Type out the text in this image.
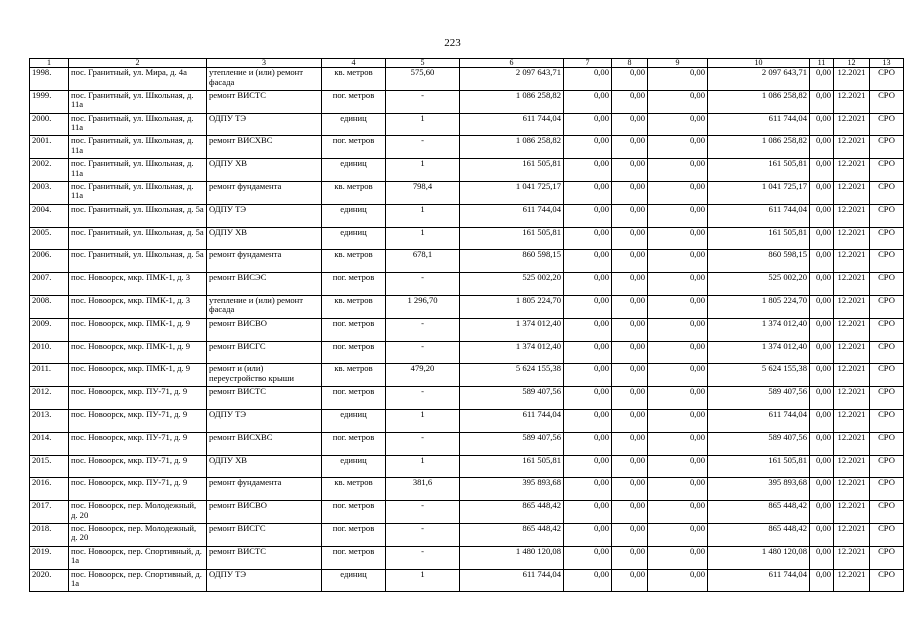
223
1	2	3	4	5	6	7	8	9	10	11	12	13
1998.	пос. Гранитный, ул. Мира, д. 4а	утепление и (или) ремонт фасада	кв. метров	575,60	2 097 643,71	0,00	0,00	0,00	2 097 643,71	0,00	12.2021	СРО
1999.	пос. Гранитный, ул. Школьная, д. 11а	ремонт ВИСТС	пог. метров	-	1 086 258,82	0,00	0,00	0,00	1 086 258,82	0,00	12.2021	СРО
2000.	пос. Гранитный, ул. Школьная, д. 11а	ОДПУ ТЭ	единиц	1	611 744,04	0,00	0,00	0,00	611 744,04	0,00	12.2021	СРО
2001.	пос. Гранитный, ул. Школьная, д. 11а	ремонт ВИСХВС	пог. метров	-	1 086 258,82	0,00	0,00	0,00	1 086 258,82	0,00	12.2021	СРО
2002.	пос. Гранитный, ул. Школьная, д. 11а	ОДПУ ХВ	единиц	1	161 505,81	0,00	0,00	0,00	161 505,81	0,00	12.2021	СРО
2003.	пос. Гранитный, ул. Школьная, д. 11а	ремонт фундамента	кв. метров	798,4	1 041 725,17	0,00	0,00	0,00	1 041 725,17	0,00	12.2021	СРО
2004.	пос. Гранитный, ул. Школьная, д. 5а	ОДПУ ТЭ	единиц	1	611 744,04	0,00	0,00	0,00	611 744,04	0,00	12.2021	СРО
2005.	пос. Гранитный, ул. Школьная, д. 5а	ОДПУ ХВ	единиц	1	161 505,81	0,00	0,00	0,00	161 505,81	0,00	12.2021	СРО
2006.	пос. Гранитный, ул. Школьная, д. 5а	ремонт фундамента	кв. метров	678,1	860 598,15	0,00	0,00	0,00	860 598,15	0,00	12.2021	СРО
2007.	пос. Новоорск, мкр. ПМК-1, д. 3	ремонт ВИСЭС	пог. метров	-	525 002,20	0,00	0,00	0,00	525 002,20	0,00	12.2021	СРО
2008.	пос. Новоорск, мкр. ПМК-1, д. 3	утепление и (или) ремонт фасада	кв. метров	1 296,70	1 805 224,70	0,00	0,00	0,00	1 805 224,70	0,00	12.2021	СРО
2009.	пос. Новоорск, мкр. ПМК-1, д. 9	ремонт ВИСВО	пог. метров	-	1 374 012,40	0,00	0,00	0,00	1 374 012,40	0,00	12.2021	СРО
2010.	пос. Новоорск, мкр. ПМК-1, д. 9	ремонт ВИСГС	пог. метров	-	1 374 012,40	0,00	0,00	0,00	1 374 012,40	0,00	12.2021	СРО
2011.	пос. Новоорск, мкр. ПМК-1, д. 9	ремонт и (или) переустройство крыши	кв. метров	479,20	5 624 155,38	0,00	0,00	0,00	5 624 155,38	0,00	12.2021	СРО
2012.	пос. Новоорск, мкр. ПУ-71, д. 9	ремонт ВИСТС	пог. метров	-	589 407,56	0,00	0,00	0,00	589 407,56	0,00	12.2021	СРО
2013.	пос. Новоорск, мкр. ПУ-71, д. 9	ОДПУ ТЭ	единиц	1	611 744,04	0,00	0,00	0,00	611 744,04	0,00	12.2021	СРО
2014.	пос. Новоорск, мкр. ПУ-71, д. 9	ремонт ВИСХВС	пог. метров	-	589 407,56	0,00	0,00	0,00	589 407,56	0,00	12.2021	СРО
2015.	пос. Новоорск, мкр. ПУ-71, д. 9	ОДПУ ХВ	единиц	1	161 505,81	0,00	0,00	0,00	161 505,81	0,00	12.2021	СРО
2016.	пос. Новоорск, мкр. ПУ-71, д. 9	ремонт фундамента	кв. метров	381,6	395 893,68	0,00	0,00	0,00	395 893,68	0,00	12.2021	СРО
2017.	пос. Новоорск, пер. Молодежный, д. 20	ремонт ВИСВО	пог. метров	-	865 448,42	0,00	0,00	0,00	865 448,42	0,00	12.2021	СРО
2018.	пос. Новоорск, пер. Молодежный, д. 20	ремонт ВИСГС	пог. метров	-	865 448,42	0,00	0,00	0,00	865 448,42	0,00	12.2021	СРО
2019.	пос. Новоорск, пер. Спортивный, д. 1а	ремонт ВИСТС	пог. метров	-	1 480 120,08	0,00	0,00	0,00	1 480 120,08	0,00	12.2021	СРО
2020.	пос. Новоорск, пер. Спортивный, д. 1а	ОДПУ ТЭ	единиц	1	611 744,04	0,00	0,00	0,00	611 744,04	0,00	12.2021	СРО
